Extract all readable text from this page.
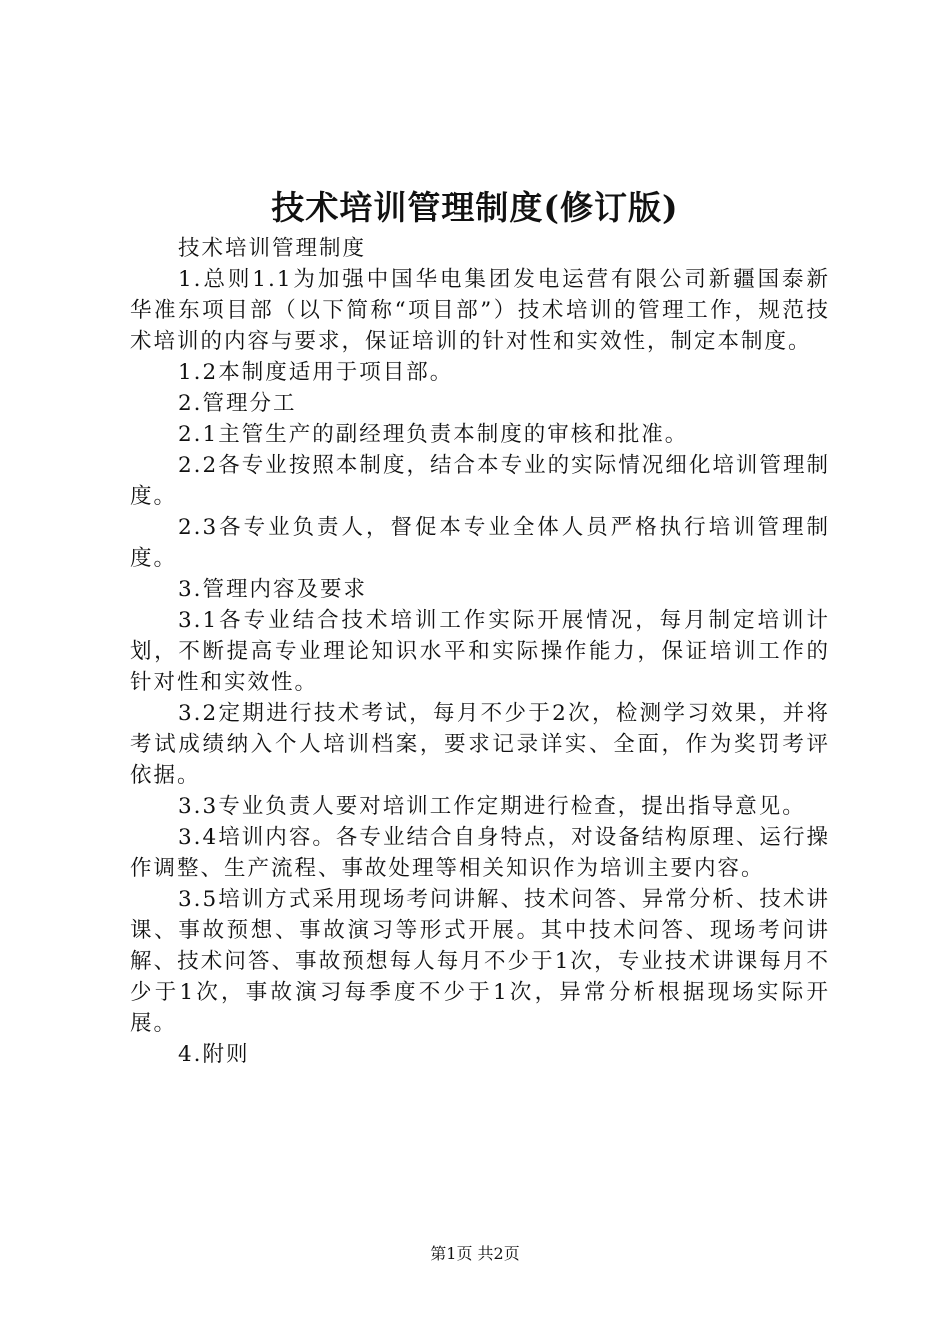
技术培训管理制度(修订版)

技术培训管理制度

1.总则1.1为加强中国华电集团发电运营有限公司新疆国泰新华准东项目部（以下简称“项目部”）技术培训的管理工作，规范技术培训的内容与要求，保证培训的针对性和实效性，制定本制度。

1.2本制度适用于项目部。

2.管理分工

2.1主管生产的副经理负责本制度的审核和批准。

2.2各专业按照本制度，结合本专业的实际情况细化培训管理制度。

2.3各专业负责人，督促本专业全体人员严格执行培训管理制度。

3.管理内容及要求

3.1各专业结合技术培训工作实际开展情况，每月制定培训计划，不断提高专业理论知识水平和实际操作能力，保证培训工作的针对性和实效性。

3.2定期进行技术考试，每月不少于2次，检测学习效果，并将考试成绩纳入个人培训档案，要求记录详实、全面，作为奖罚考评依据。

3.3专业负责人要对培训工作定期进行检查，提出指导意见。

3.4培训内容。各专业结合自身特点，对设备结构原理、运行操作调整、生产流程、事故处理等相关知识作为培训主要内容。

3.5培训方式采用现场考问讲解、技术问答、异常分析、技术讲课、事故预想、事故演习等形式开展。其中技术问答、现场考问讲解、技术问答、事故预想每人每月不少于1次，专业技术讲课每月不少于1次，事故演习每季度不少于1次，异常分析根据现场实际开展。

4.附则

第1页 共2页
